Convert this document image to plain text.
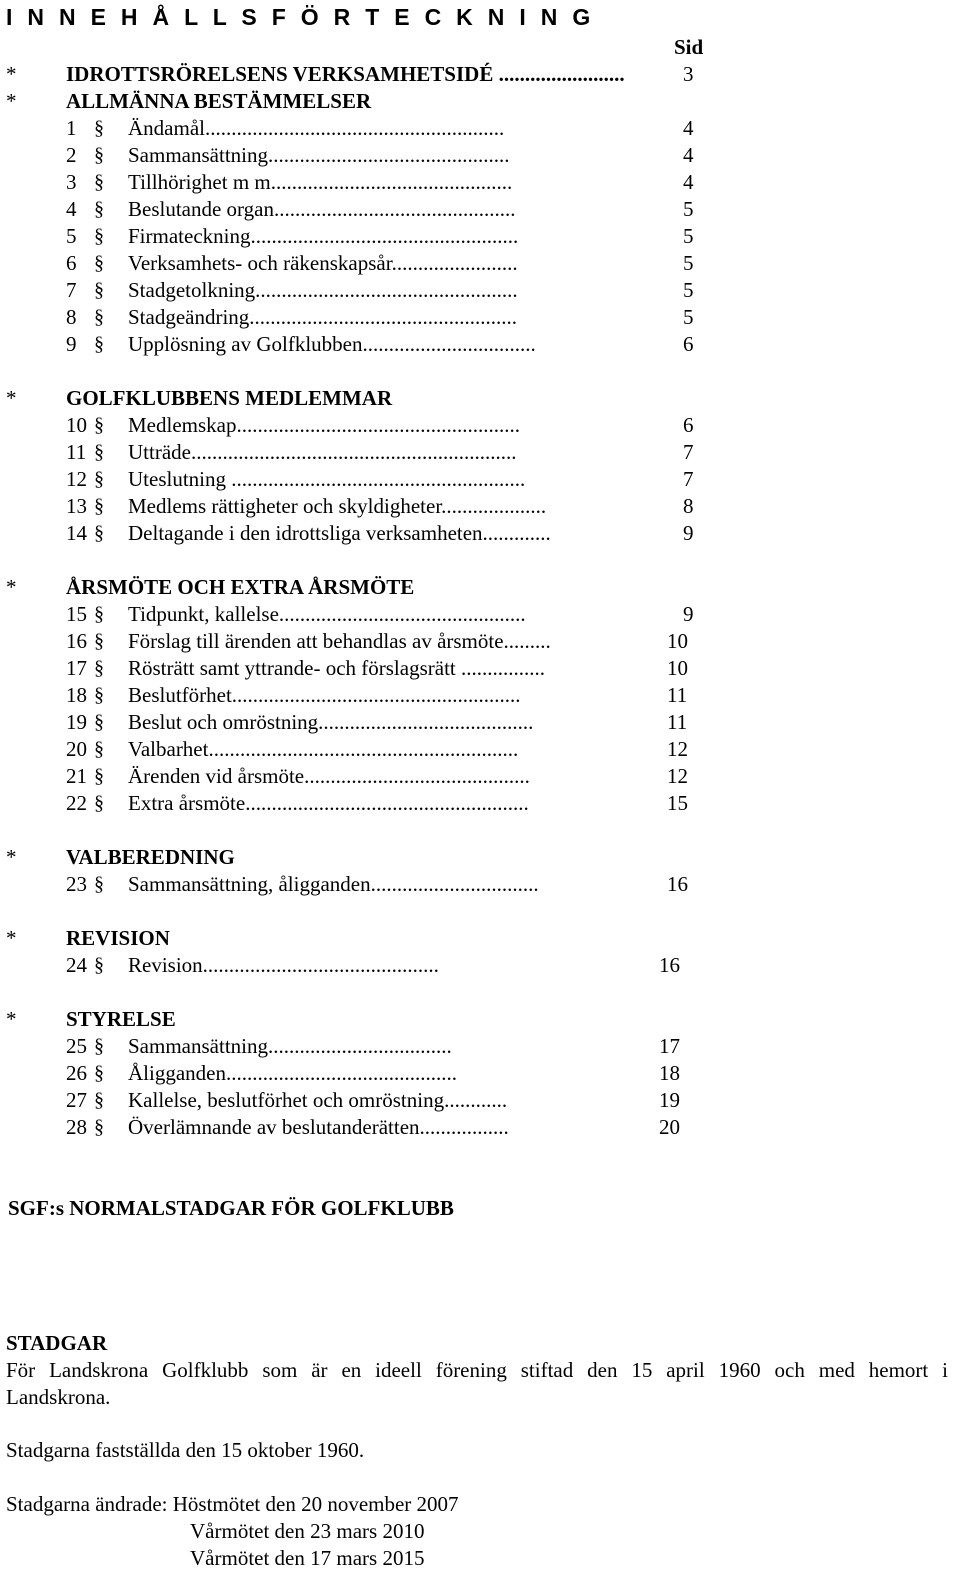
I N N E H Å L L S F Ö R T E C K N I N G
Sid
* IDROTTSRÖRELSENS VERKSAMHETSIDÉ ........................	3
* ALLMÄNNA BESTÄMMELSER
1 § Ändamål.........................................................	4
2 § Sammansättning..............................................	4
3 § Tillhörighet m m..............................................	4
4 § Beslutande organ..............................................	5
5 § Firmateckning...................................................	5
6 § Verksamhets- och räkenskapsår........................	5
7 § Stadgetolkning..................................................	5
8 § Stadgeändring...................................................	5
9 § Upplösning av Golfklubben.................................	6
* GOLFKLUBBENS MEDLEMMAR
10 § Medlemskap......................................................	6
11 § Utträde..............................................................	7
12 § Uteslutning ........................................................	7
13 § Medlems rättigheter och skyldigheter....................	8
14 § Deltagande i den idrottsliga verksamheten.............	9
* ÅRSMÖTE OCH EXTRA ÅRSMÖTE
15 § Tidpunkt, kallelse...............................................	9
16 § Förslag till ärenden att behandlas av årsmöte.........	10
17 § Rösträtt samt yttrande- och förslagsrätt ................	10
18 § Beslutförhet.......................................................	11
19 § Beslut och omröstning.........................................	11
20 § Valbarhet...........................................................	12
21 § Ärenden vid årsmöte...........................................	12
22 § Extra årsmöte......................................................	15
* VALBEREDNING
23 § Sammansättning, åligganden................................	16
* REVISION
24 § Revision.............................................	16
* STYRELSE
25 § Sammansättning...................................	17
26 § Åligganden............................................	18
27 § Kallelse, beslutförhet och omröstning............	19
28 § Överlämnande av beslutanderätten.................	20
SGF:s NORMALSTADGAR FÖR GOLFKLUBB
STADGAR
För Landskrona Golfklubb som är en ideell förening stiftad den 15 april 1960 och med hemort i
Landskrona.
Stadgarna fastställda den 15 oktober 1960.
Stadgarna ändrade: Höstmötet den 20 november 2007
Vårmötet den 23 mars 2010
Vårmötet den 17 mars 2015
